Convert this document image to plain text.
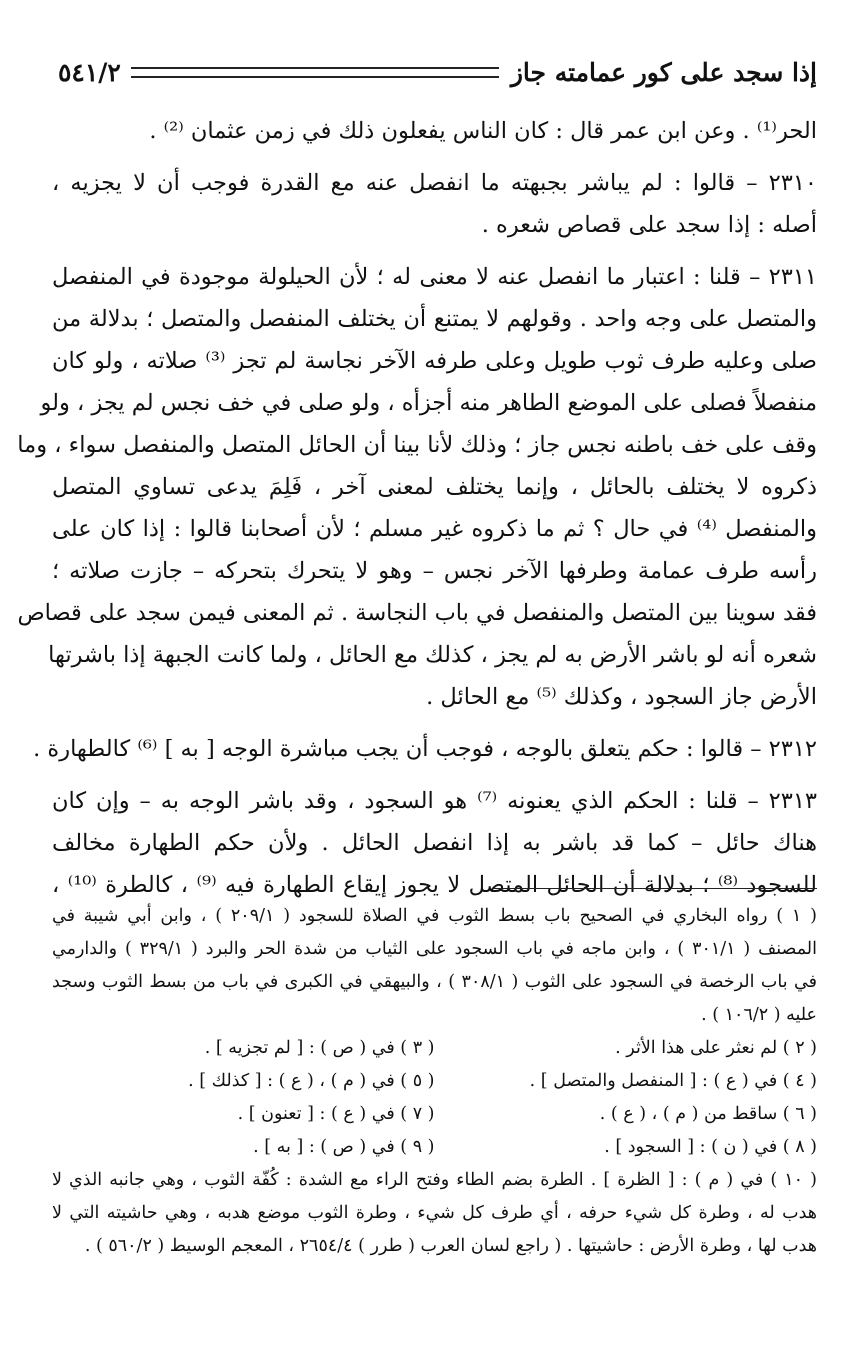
إذا سجد على كور عمامته جاز
٥٤١/٢
الحر⁽¹⁾ . وعن ابن عمر قال : كان الناس يفعلون ذلك في زمن عثمان ⁽²⁾ .
٢٣١٠ – قالوا : لم يباشر بجبهته ما انفصل عنه مع القدرة فوجب أن لا يجزيه ،
أصله : إذا سجد على قصاص شعره .
٢٣١١ – قلنا : اعتبار ما انفصل عنه لا معنى له ؛ لأن الحيلولة موجودة في المنفصل
والمتصل على وجه واحد . وقولهم لا يمتنع أن يختلف المنفصل والمتصل ؛ بدلالة من
صلى وعليه طرف ثوب طويل وعلى طرفه الآخر نجاسة لم تجز ⁽³⁾ صلاته ، ولو كان
منفصلاً فصلى على الموضع الطاهر منه أجزأه ، ولو صلى في خف نجس لم يجز ، ولو
وقف على خف باطنه نجس جاز ؛ وذلك لأنا بينا أن الحائل المتصل والمنفصل سواء ، وما
ذكروه لا يختلف بالحائل ، وإنما يختلف لمعنى آخر ، فَلِمَ يدعى تساوي المتصل
والمنفصل ⁽⁴⁾ في حال ؟ ثم ما ذكروه غير مسلم ؛ لأن أصحابنا قالوا : إذا كان على
رأسه طرف عمامة وطرفها الآخر نجس – وهو لا يتحرك بتحركه – جازت صلاته ؛
فقد سوينا بين المتصل والمنفصل في باب النجاسة . ثم المعنى فيمن سجد على قصاص
شعره أنه لو باشر الأرض به لم يجز ، كذلك مع الحائل ، ولما كانت الجبهة إذا باشرتها
الأرض جاز السجود ، وكذلك ⁽⁵⁾ مع الحائل .
٢٣١٢ – قالوا : حكم يتعلق بالوجه ، فوجب أن يجب مباشرة الوجه [ به ] ⁽⁶⁾ كالطهارة .
٢٣١٣ – قلنا : الحكم الذي يعنونه ⁽⁷⁾ هو السجود ، وقد باشر الوجه به – وإن كان
هناك حائل – كما قد باشر به إذا انفصل الحائل . ولأن حكم الطهارة مخالف
للسجود ⁽⁸⁾ ؛ بدلالة أن الحائل المتصل لا يجوز إيقاع الطهارة فيه ⁽⁹⁾ ، كالطرة ⁽¹⁰⁾ ،
( ١ ) رواه البخاري في الصحيح باب بسط الثوب في الصلاة للسجود ( ٢٠٩/١ ) ، وابن أبي شيبة في
المصنف ( ٣٠١/١ ) ، وابن ماجه في باب السجود على الثياب من شدة الحر والبرد ( ٣٢٩/١ ) والدارمي
في باب الرخصة في السجود على الثوب ( ٣٠٨/١ ) ، والبيهقي في الكبرى في باب من بسط الثوب وسجد
عليه ( ١٠٦/٢ ) .
( ٢ ) لم نعثر على هذا الأثر .
( ٣ ) في ( ص ) : [ لم تجزيه ] .
( ٤ ) في ( ع ) : [ المنفصل والمتصل ] .
( ٥ ) في ( م ) ، ( ع ) : [ كذلك ] .
( ٦ ) ساقط من ( م ) ، ( ع ) .
( ٧ ) في ( ع ) : [ تعنون ] .
( ٨ ) في ( ن ) : [ السجود ] .
( ٩ ) في ( ص ) : [ به ] .
( ١٠ ) في ( م ) : [ الظرة ] . الطرة بضم الطاء وفتح الراء مع الشدة : كُفّة الثوب ، وهي جانبه الذي لا
هدب له ، وطرة كل شيء حرفه ، أي طرف كل شيء ، وطرة الثوب موضع هدبه ، وهي حاشيته التي لا
هدب لها ، وطرة الأرض : حاشيتها . ( راجع لسان العرب ( طرر ) ٢٦٥٤/٤ ، المعجم الوسيط ( ٥٦٠/٢ ) .
